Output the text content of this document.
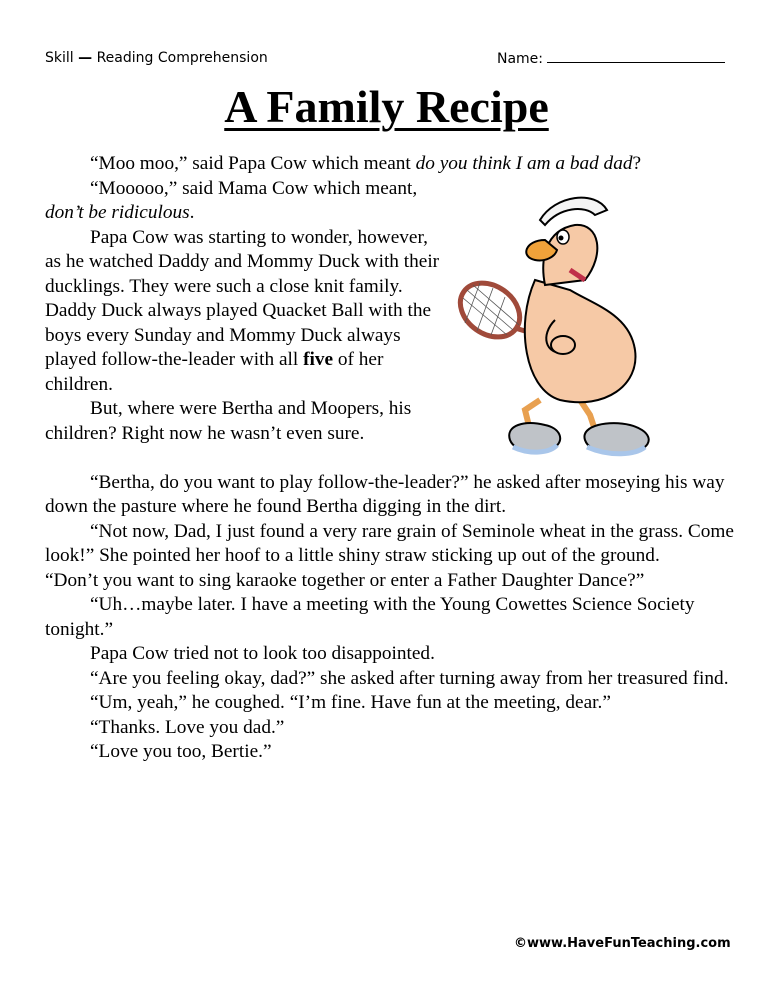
Skill — Reading Comprehension	Name:
A Family Recipe

“Moo moo,” said Papa Cow which meant do you think I am a bad dad?

“Mooooo,” said Mama Cow which meant, don’t be ridiculous.

Papa Cow was starting to wonder, however, as he watched Daddy and Mommy Duck with their ducklings. They were such a close knit family. Daddy Duck always played Quacket Ball with the boys every Sunday and Mommy Duck always played follow-the-leader with all five of her children.

But, where were Bertha and Moopers, his children? Right now he wasn’t even sure.

“Bertha, do you want to play follow-the-leader?” he asked after moseying his way down the pasture where he found Bertha digging in the dirt.

“Not now, Dad, I just found a very rare grain of Seminole wheat in the grass. Come look!” She pointed her hoof to a little shiny straw sticking up out of the ground.

“Don’t you want to sing karaoke together or enter a Father Daughter Dance?”

“Uh…maybe later. I have a meeting with the Young Cowettes Science Society tonight.”

Papa Cow tried not to look too disappointed.

“Are you feeling okay, dad?” she asked after turning away from her treasured find.

“Um, yeah,” he coughed. “I’m fine. Have fun at the meeting, dear.”

“Thanks. Love you dad.”

“Love you too, Bertie.”

©www.HaveFunTeaching.com
